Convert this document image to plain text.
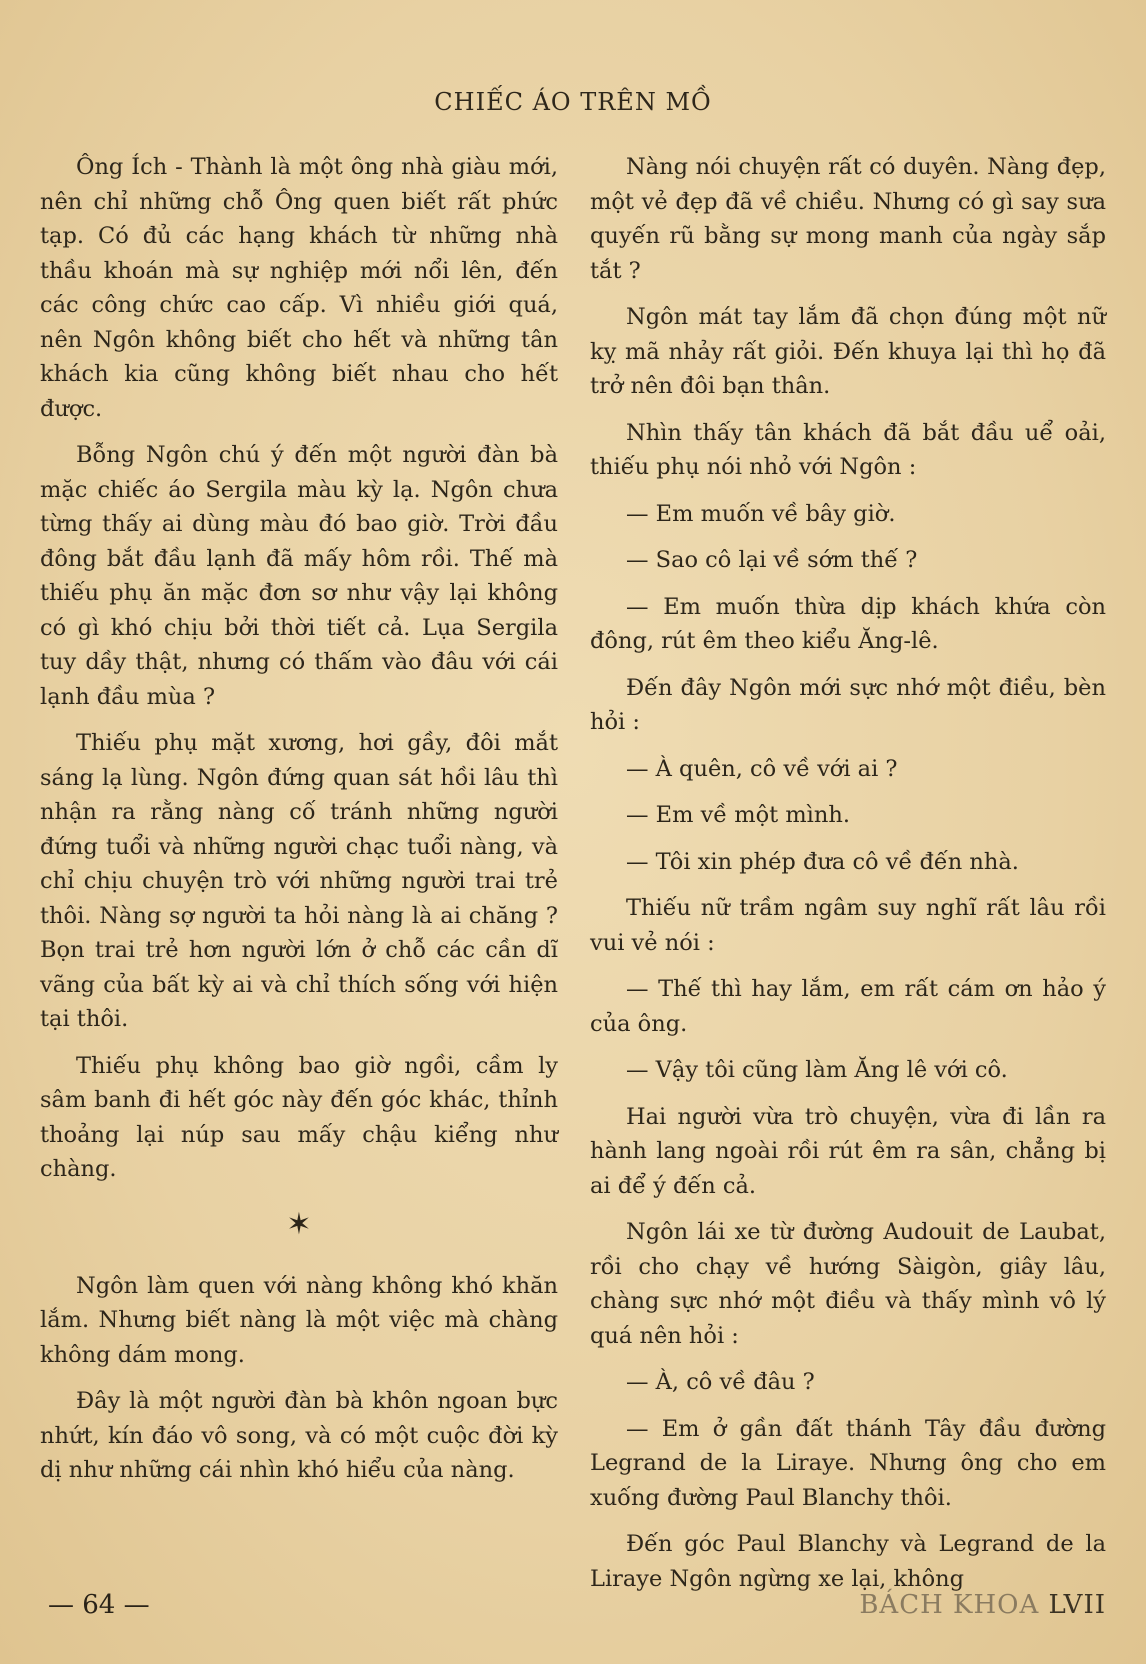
CHIẾC ÁO TRÊN MỒ

Ông Ích - Thành là một ông nhà giàu mới, nên chỉ những chỗ Ông quen biết rất phức tạp. Có đủ các hạng khách từ những nhà thầu khoán mà sự nghiệp mới nổi lên, đến các công chức cao cấp. Vì nhiều giới quá, nên Ngôn không biết cho hết và những tân khách kia cũng không biết nhau cho hết được.

Bỗng Ngôn chú ý đến một người đàn bà mặc chiếc áo Sergila màu kỳ lạ. Ngôn chưa từng thấy ai dùng màu đó bao giờ. Trời đầu đông bắt đầu lạnh đã mấy hôm rồi. Thế mà thiếu phụ ăn mặc đơn sơ như vậy lại không có gì khó chịu bởi thời tiết cả. Lụa Sergila tuy dầy thật, nhưng có thấm vào đâu với cái lạnh đầu mùa ?

Thiếu phụ mặt xương, hơi gầy, đôi mắt sáng lạ lùng. Ngôn đứng quan sát hồi lâu thì nhận ra rằng nàng cố tránh những người đứng tuổi và những người chạc tuổi nàng, và chỉ chịu chuyện trò với những người trai trẻ thôi. Nàng sợ người ta hỏi nàng là ai chăng ? Bọn trai trẻ hơn người lớn ở chỗ các cần dĩ vãng của bất kỳ ai và chỉ thích sống với hiện tại thôi.

Thiếu phụ không bao giờ ngồi, cầm ly sâm banh đi hết góc này đến góc khác, thỉnh thoảng lại núp sau mấy chậu kiểng như chàng.

✶

Ngôn làm quen với nàng không khó khăn lắm. Nhưng biết nàng là một việc mà chàng không dám mong.

Đây là một người đàn bà khôn ngoan bực nhứt, kín đáo vô song, và có một cuộc đời kỳ dị như những cái nhìn khó hiểu của nàng.

Nàng nói chuyện rất có duyên. Nàng đẹp, một vẻ đẹp đã về chiều. Nhưng có gì say sưa quyến rũ bằng sự mong manh của ngày sắp tắt ?

Ngôn mát tay lắm đã chọn đúng một nữ kỵ mã nhảy rất giỏi. Đến khuya lại thì họ đã trở nên đôi bạn thân.

Nhìn thấy tân khách đã bắt đầu uể oải, thiếu phụ nói nhỏ với Ngôn :

— Em muốn về bây giờ.

— Sao cô lại về sớm thế ?

— Em muốn thừa dịp khách khứa còn đông, rút êm theo kiểu Ăng-lê.

Đến đây Ngôn mới sực nhớ một điều, bèn hỏi :

— À quên, cô về với ai ?

— Em về một mình.

— Tôi xin phép đưa cô về đến nhà.

Thiếu nữ trầm ngâm suy nghĩ rất lâu rồi vui vẻ nói :

— Thế thì hay lắm, em rất cám ơn hảo ý của ông.

— Vậy tôi cũng làm Ăng lê với cô.

Hai người vừa trò chuyện, vừa đi lần ra hành lang ngoài rồi rút êm ra sân, chẳng bị ai để ý đến cả.

Ngôn lái xe từ đường Audouit de Laubat, rồi cho chạy về hướng Sàigòn, giây lâu, chàng sực nhớ một điều và thấy mình vô lý quá nên hỏi :

— À, cô về đâu ?

— Em ở gần đất thánh Tây đầu đường Legrand de la Liraye. Nhưng ông cho em xuống đường Paul Blanchy thôi.

Đến góc Paul Blanchy và Legrand de la Liraye Ngôn ngừng xe lại, không

— 64 —	BÁCH KHOA LVII
